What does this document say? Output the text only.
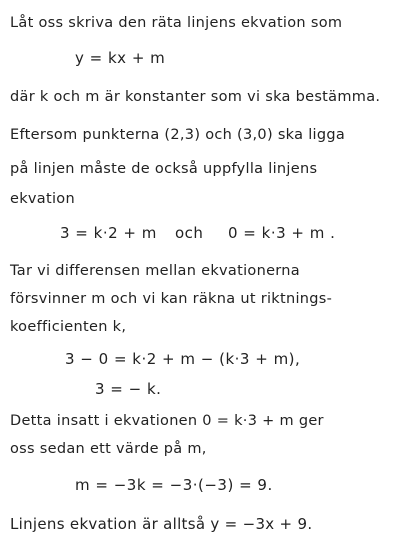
Låt oss skriva den räta linjens ekvation som
y = kx + m
där k och m är konstanter som vi ska bestämma.
Eftersom punkterna (2,3) och (3,0) ska ligga
på linjen måste de också uppfylla linjens
ekvation
3 = k·2 + m och 0 = k·3 + m .
Tar vi differensen mellan ekvationerna
försvinner m och vi kan räkna ut riktnings-
koefficienten k,
3 − 0 = k·2 + m − (k·3 + m),
3 = − k.
Detta insatt i ekvationen 0 = k·3 + m ger
oss sedan ett värde på m,
m = −3k = −3·(−3) = 9.
Linjens ekvation är alltså y = −3x + 9.
